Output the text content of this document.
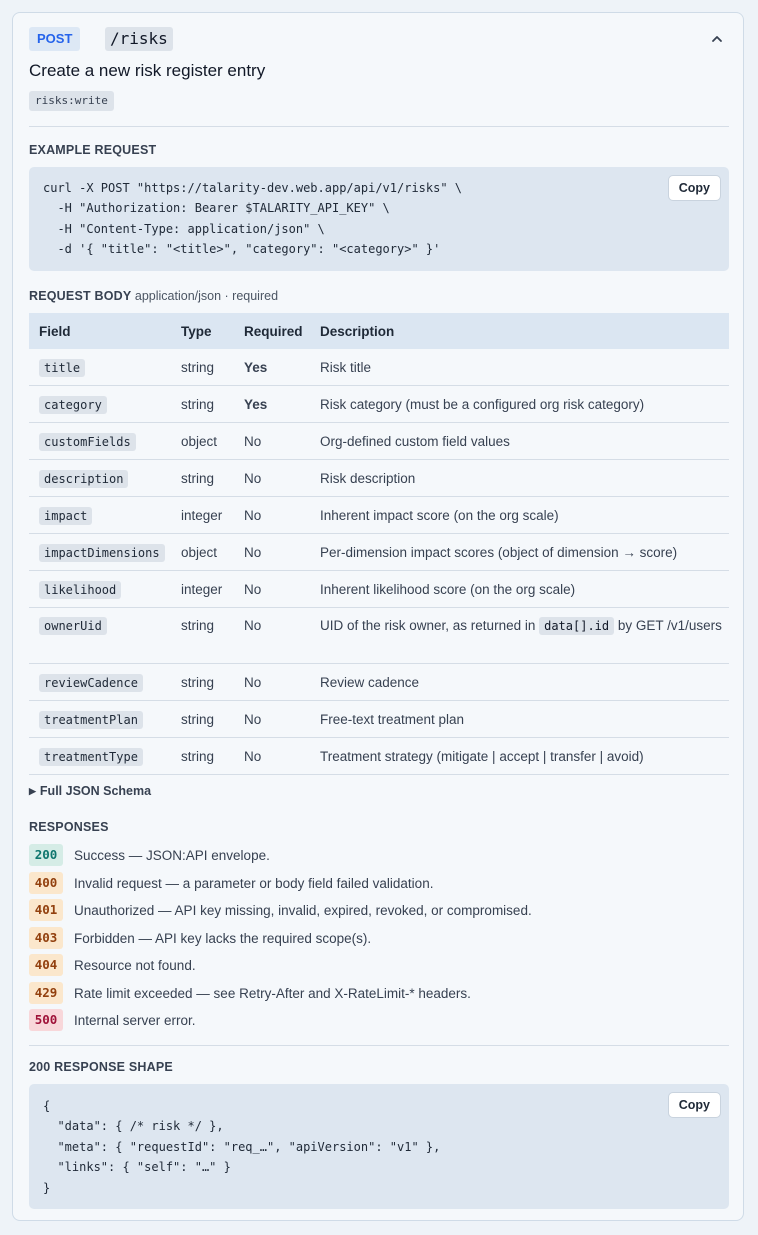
POST	/risks
Create a new risk register entry
risks:write
EXAMPLE REQUEST
curl -X POST "https://talarity-dev.web.app/api/v1/risks" \
-H "Authorization: Bearer $TALARITY_API_KEY" \
-H "Content-Type: application/json" \
-d '{ "title": "<title>", "category": "<category>" }'
Copy
REQUEST BODY application/json · required
Field	Type	Required	Description
title	string	Yes	Risk title
category	string	Yes	Risk category (must be a configured org risk category)
customFields	object	No	Org-defined custom field values
description	string	No	Risk description
impact	integer	No	Inherent impact score (on the org scale)
impactDimensions	object	No	Per-dimension impact scores (object of dimension → score)
likelihood	integer	No	Inherent likelihood score (on the org scale)
ownerUid	string	No	UID of the risk owner, as returned in data[].id by GET /v1/users
reviewCadence	string	No	Review cadence
treatmentPlan	string	No	Free-text treatment plan
treatmentType	string	No	Treatment strategy (mitigate | accept | transfer | avoid)
▶ Full JSON Schema
RESPONSES
200	Success — JSON:API envelope.
400	Invalid request — a parameter or body field failed validation.
401	Unauthorized — API key missing, invalid, expired, revoked, or compromised.
403	Forbidden — API key lacks the required scope(s).
404	Resource not found.
429	Rate limit exceeded — see Retry-After and X-RateLimit-* headers.
500	Internal server error.
200 RESPONSE SHAPE
{
"data": { /* risk */ },
"meta": { "requestId": "req_…", "apiVersion": "v1" },
"links": { "self": "…" }
}
Copy
